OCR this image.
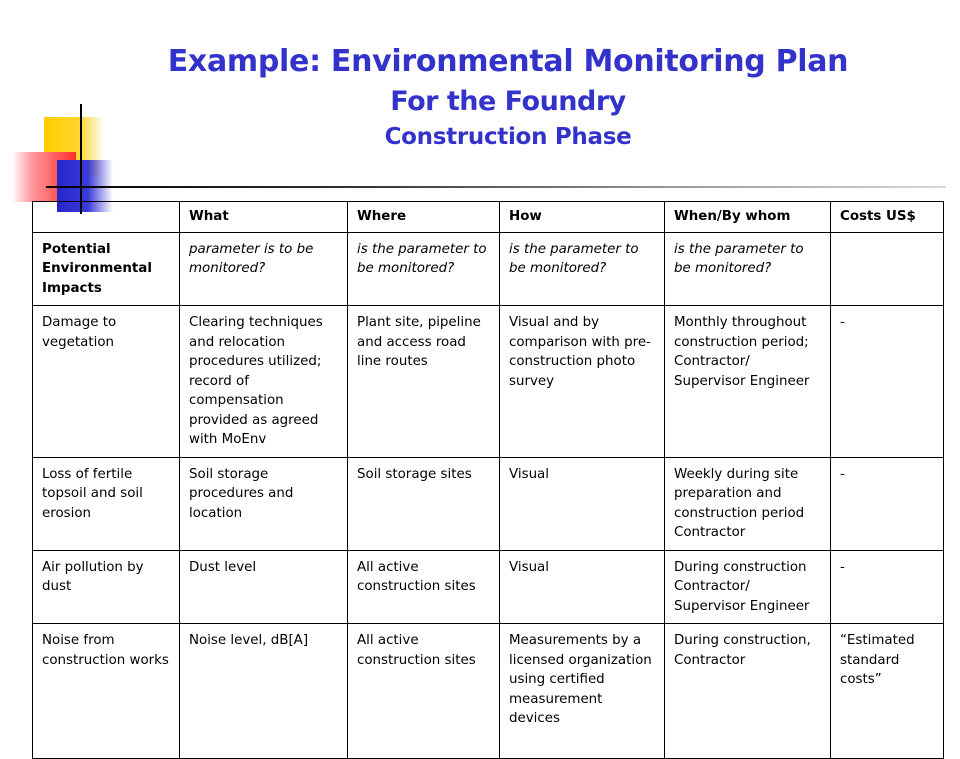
Example: Environmental Monitoring Plan
For the Foundry
Construction Phase
	What	Where	How	When/By whom	Costs US$
Potential Environmental Impacts	parameter is to be monitored?	is the parameter to be monitored?	is the parameter to be monitored?	is the parameter to be monitored?	
Damage to vegetation	Clearing techniques and relocation procedures utilized; record of compensation provided as agreed with MoEnv	Plant site, pipeline and access road line routes	Visual and by comparison with pre-construction photo survey	Monthly throughout construction period; Contractor/ Supervisor Engineer	-
Loss of fertile topsoil and soil erosion	Soil storage procedures and location	Soil storage sites	Visual	Weekly during site preparation and construction period Contractor	-
Air pollution by dust	Dust level	All active construction sites	Visual	During construction Contractor/ Supervisor Engineer	-
Noise from construction works	Noise level, dB[A]	All active construction sites	Measurements by a licensed organization using certified measurement devices	During construction, Contractor	“Estimated standard costs”
